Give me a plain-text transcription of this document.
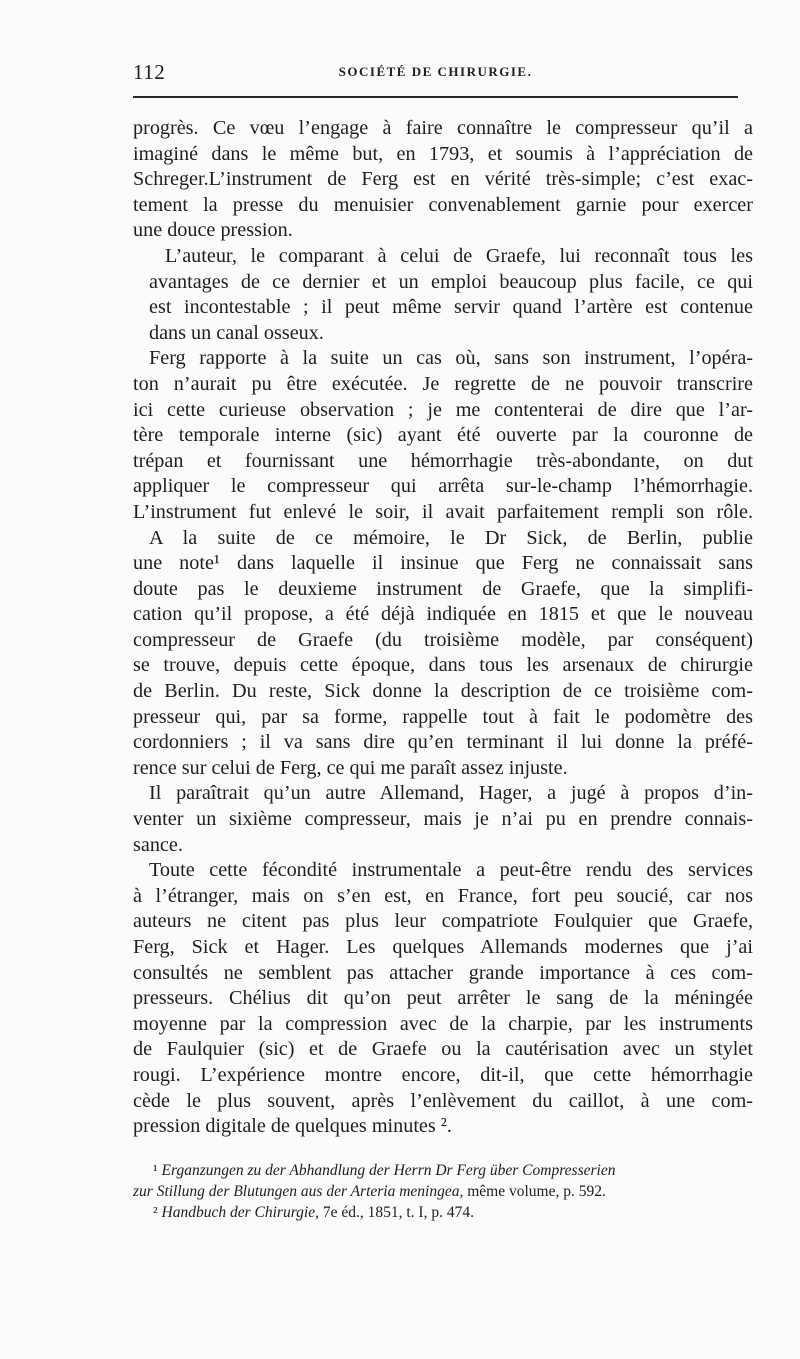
112	SOCIÉTÉ DE CHIRURGIE.

progrès. Ce vœu l’engage à faire connaître le compresseur qu’il a
imaginé dans le même but, en 1793, et soumis à l’appréciation de
Schreger.L’instrument de Ferg est en vérité très-simple; c’est exac-
tement la presse du menuisier convenablement garnie pour exercer
une douce pression.

L’auteur, le comparant à celui de Graefe, lui reconnaît tous les
avantages de ce dernier et un emploi beaucoup plus facile, ce qui
est incontestable ; il peut même servir quand l’artère est contenue
dans un canal osseux.

Ferg rapporte à la suite un cas où, sans son instrument, l’opéra-
ton n’aurait pu être exécutée. Je regrette de ne pouvoir transcrire
ici cette curieuse observation ; je me contenterai de dire que l’ar-
tère temporale interne (sic) ayant été ouverte par la couronne de
trépan et fournissant une hémorrhagie très-abondante, on dut
appliquer le compresseur qui arrêta sur-le-champ l’hémorrhagie.
L’instrument fut enlevé le soir, il avait parfaitement rempli son rôle.

A la suite de ce mémoire, le Dr Sick, de Berlin, publie
une note¹ dans laquelle il insinue que Ferg ne connaissait sans
doute pas le deuxieme instrument de Graefe, que la simplifi-
cation qu’il propose, a été déjà indiquée en 1815 et que le nouveau
compresseur de Graefe (du troisième modèle, par conséquent)
se trouve, depuis cette époque, dans tous les arsenaux de chirurgie
de Berlin. Du reste, Sick donne la description de ce troisième com-
presseur qui, par sa forme, rappelle tout à fait le podomètre des
cordonniers ; il va sans dire qu’en terminant il lui donne la préfé-
rence sur celui de Ferg, ce qui me paraît assez injuste.

Il paraîtrait qu’un autre Allemand, Hager, a jugé à propos d’in-
venter un sixième compresseur, mais je n’ai pu en prendre connais-
sance.

Toute cette fécondité instrumentale a peut-être rendu des services
à l’étranger, mais on s’en est, en France, fort peu soucié, car nos
auteurs ne citent pas plus leur compatriote Foulquier que Graefe,
Ferg, Sick et Hager. Les quelques Allemands modernes que j’ai
consultés ne semblent pas attacher grande importance à ces com-
presseurs. Chélius dit qu’on peut arrêter le sang de la méningée
moyenne par la compression avec de la charpie, par les instruments
de Faulquier (sic) et de Graefe ou la cautérisation avec un stylet
rougi. L’expérience montre encore, dit-il, que cette hémorrhagie
cède le plus souvent, après l’enlèvement du caillot, à une com-
pression digitale de quelques minutes ².

¹ Erganzungen zu der Abhandlung der Herrn Dr Ferg über Compresserien
zur Stillung der Blutungen aus der Arteria meningea, même volume, p. 592.
² Handbuch der Chirurgie, 7e éd., 1851, t. I, p. 474.
